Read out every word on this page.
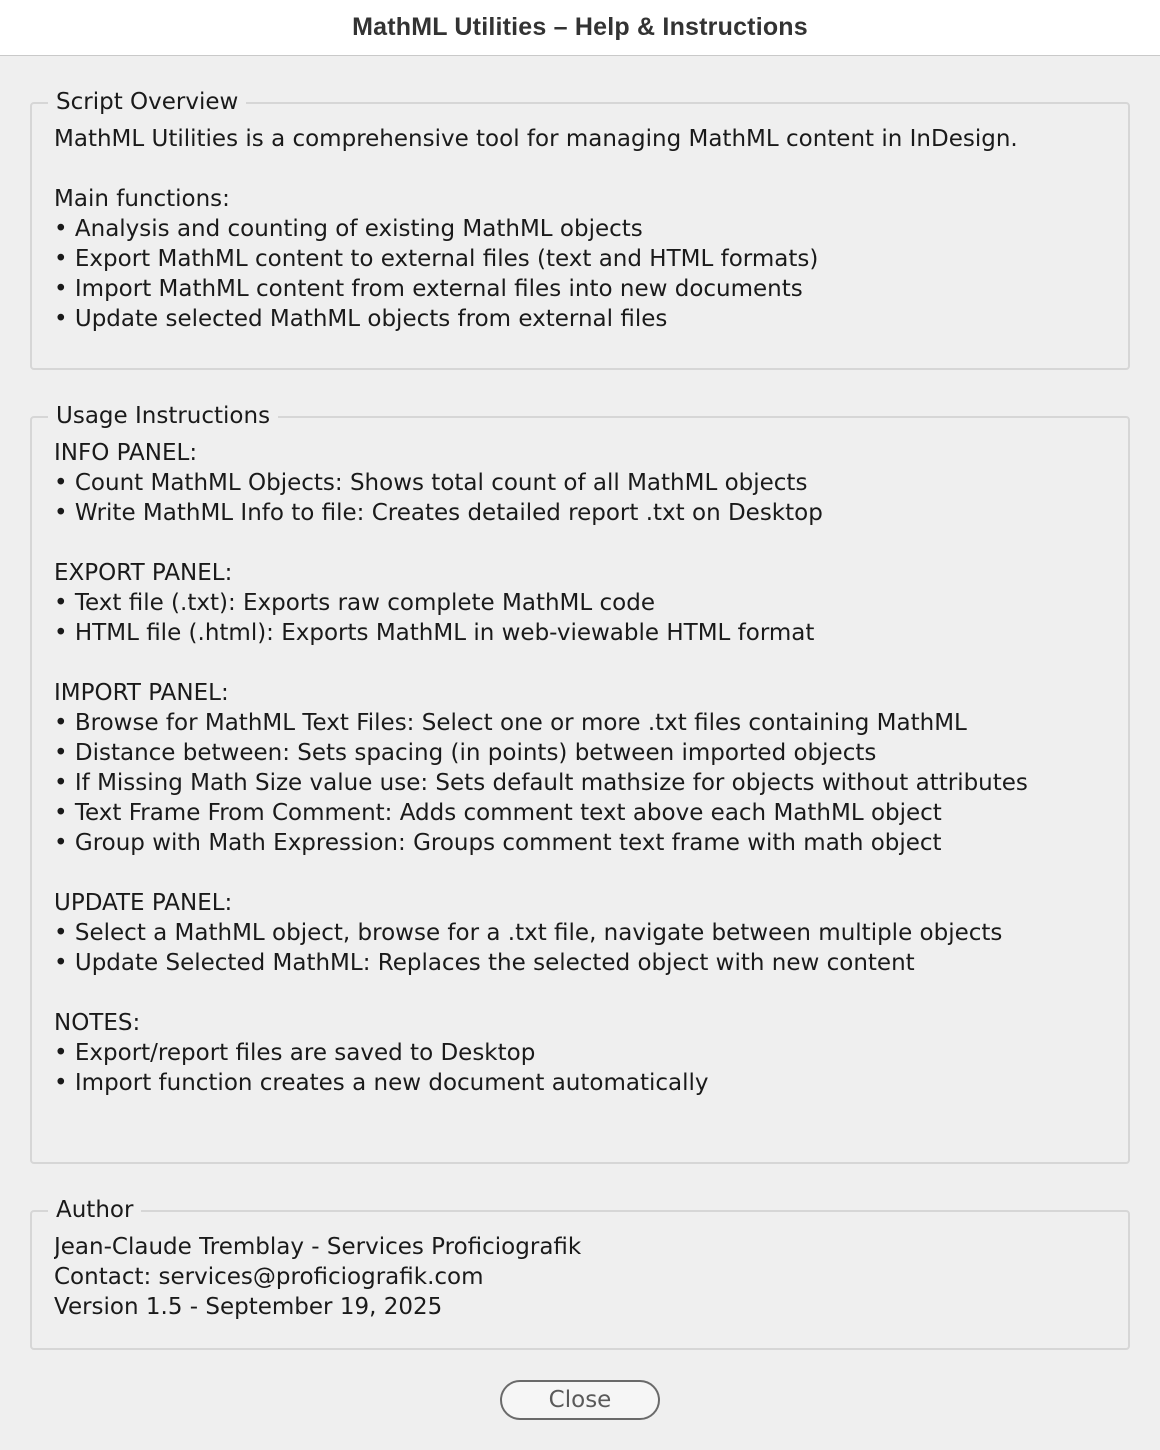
MathML Utilities – Help & Instructions
Script Overview
MathML Utilities is a comprehensive tool for managing MathML content in InDesign.
Main functions:
• Analysis and counting of existing MathML objects
• Export MathML content to external files (text and HTML formats)
• Import MathML content from external files into new documents
• Update selected MathML objects from external files
Usage Instructions
INFO PANEL:
• Count MathML Objects: Shows total count of all MathML objects
• Write MathML Info to file: Creates detailed report .txt on Desktop
EXPORT PANEL:
• Text file (.txt): Exports raw complete MathML code
• HTML file (.html): Exports MathML in web-viewable HTML format
IMPORT PANEL:
• Browse for MathML Text Files: Select one or more .txt files containing MathML
• Distance between: Sets spacing (in points) between imported objects
• If Missing Math Size value use: Sets default mathsize for objects without attributes
• Text Frame From Comment: Adds comment text above each MathML object
• Group with Math Expression: Groups comment text frame with math object
UPDATE PANEL:
• Select a MathML object, browse for a .txt file, navigate between multiple objects
• Update Selected MathML: Replaces the selected object with new content
NOTES:
• Export/report files are saved to Desktop
• Import function creates a new document automatically
Author
Jean-Claude Tremblay - Services Proficiografik
Contact: services@proficiografik.com
Version 1.5 - September 19, 2025
Close
